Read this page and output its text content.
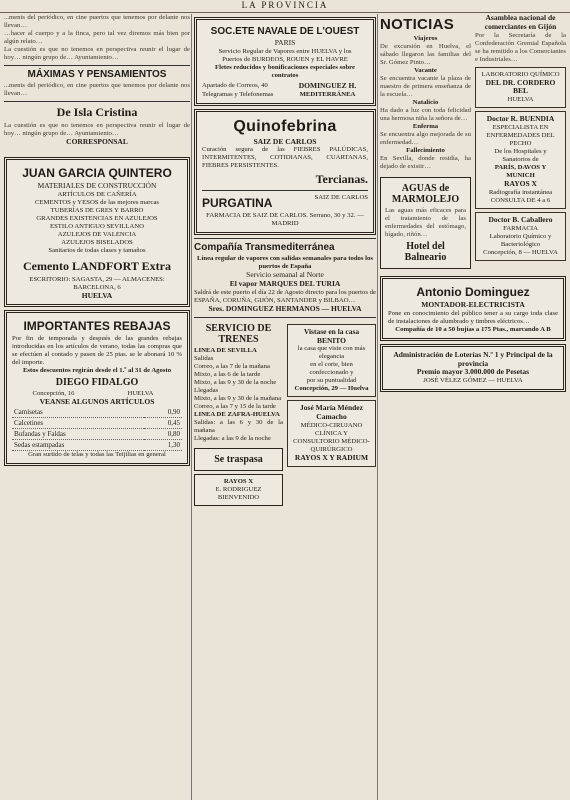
LA PROVINCIA
...ments del periódico, en cine puertos que tenemos por delante nos llevan…
…hacer al cuerpo y a la finca, pero tal vez diremos más bien por algún relato…
La cuestión es que no tenemos en perspectiva reunir el lugar de hoy… ningún grupo de… Ayuntamiento…
MÁXIMAS Y PENSAMIENTOS
...ments del periódico, en cine puertos que tenemos por delante nos llevan…
De Isla Cristina
La cuestión es que no tenemos en perspectiva reunir el lugar de hoy… ningún grupo de… Ayuntamiento…
CORRESPONSAL
JUAN GARCIA QUINTERO
MATERIALES DE CONSTRUCCIÓN
ARTÍCULOS DE CAÑERÍA
CEMENTOS y YESOS de las mejores marcas
TUBERÍAS DE GRES Y BARRO
GRANDES EXISTENCIAS EN AZULEJOS
ESTILO ANTIGUO SEVILLANO
AZULEJOS DE VALENCIA
AZULEJOS BISELADOS
Sanitarios de todas clases y tamaños
Cemento LANDFORT Extra
ESCRITORIO: SAGASTA, 29 — ALMACENES: BARCELONA, 6
HUELVA
IMPORTANTES REBAJAS
Por fin de temporada y después de las grandes rebajas introducidas en los artículos de verano, todas las compras que se efectúen al contado y pasen de 25 ptas. se le abonará 10 % del importe.
Estos descuentos regirán desde el 1.º al 31 de Agosto
DIEGO FIDALGO
Concepción, 16	HUELVA
VEANSE ALGUNOS ARTÍCULOS
Camisetas	0,90
Calcetines	0,45
Bufandas y Faldas	0,80
Sedas estampadas	1,30
Gran surtido de telas y todas las Teijilias en general
SOC.ETE NAVALE DE L'OUEST
PARIS
Servicio Regular de Vapores entre HUELVA y los
Puertos de BURDEOS, ROUEN y EL HAVRE
Fletes reducidos y bonificaciones especiales sobre contratos
Apartado de Correos, 40	DOMINGUEZ H.
Telegramas y Telefonemas	MEDITERRÁNEA
Quinofebrina
SAIZ DE CARLOS
Curación segura de las FIEBRES PALÚDICAS, INTERMITENTES, COTIDIANAS, CUARTANAS, FIEBRES PERSISTENTES.
Tercianas.
PURGATINA	SAIZ DE CARLOS
FARMACIA DE SAIZ DE CARLOS. Serrano, 30 y 32. — MADRID
Compañía Transmediterránea
Línea regular de vapores con salidas semanales para todos los puertos de España
Servicio semanal al Norte
El vapor MARQUES DEL TURIA
Saldrá de este puerto el día 22 de Agosto directo para los puertos de ESPAÑA, CORUÑA, GIJÓN, SANTANDER y BILBAO…
Sres. DOMINGUEZ HERMANOS — HUELVA
SERVICIO DE TRENES
LINEA DE SEVILLA
Salidas
Correo, a las 7 de la mañana
Mixto, a las 6 de la tarde
Mixto, a las 9 y 30 de la noche
Llegadas
Mixto, a las 9 y 30 de la mañana
Correo, a las 7 y 15 de la tarde
LINEA DE ZAFRA-HUELVA
Salidas: a las 6 y 30 de la mañana
Llegadas: a las 9 de la noche
Se traspasa
RAYOS X
E. RODRIGUEZ BIENVENIDO
Vistase en la casa BENITO
la casa que viste con más elegancia
en el corte, bien confeccionado y
por su puntualidad
Concepción, 29 — Huelva
José María Méndez Camacho
MÉDICO-CIRUJANO
CLÍNICA Y CONSULTORIO MÉDICO-QUIRÚRGICO
RAYOS X Y RADIUM
NOTICIAS
Viajeros
De excursión en Huelva, el sábado llegaron las familias del Sr. Gómez Pinto…
Vacante
Se encuentra vacante la plaza de maestro de primera enseñanza de la escuela…
Natalicio
Ha dado a luz con toda felicidad una hermosa niña la señora de…
Enferma
Se encuentra algo mejorada de su enfermedad…
Fallecimiento
En Sevilla, donde residía, ha dejado de existir…
AGUAS de MARMOLEJO
Las aguas más eficaces para el tratamiento de las enfermedades del estómago, hígado, riñón…
Hotel del Balneario
Asamblea nacional de comerciantes en Gijón
Por la Secretaría de la Confederación Gremial Española se ha remitido a los Comerciantes e Industriales…
LABORATORIO QUÍMICO
DEL DR. CORDERO BEL
HUELVA
Doctor R. BUENDIA
ESPECIALISTA EN ENFERMEDADES DEL PECHO
De los Hospitales y Sanatorios de
PARÍS, DAVOS Y MUNICH
RAYOS X
Radiografía instantánea
CONSULTA DE 4 a 6
Doctor B. Caballero
FARMACIA
Laboratorio Químico y Bacteriológico
Concepción, 8 — HUELVA
Antonio Dominguez
MONTADOR-ELECTRICISTA
Pone en conocimiento del público tener a su cargo toda clase de instalaciones de alumbrado y timbres eléctricos…
Compañía de 10 a 50 bujías a 175 Ptas., marcando A B
Administración de Loterías N.º 1 y Principal de la provincia
Premio mayor 3.000.000 de Pesetas
JOSÉ VÉLEZ GÓMEZ — HUELVA
